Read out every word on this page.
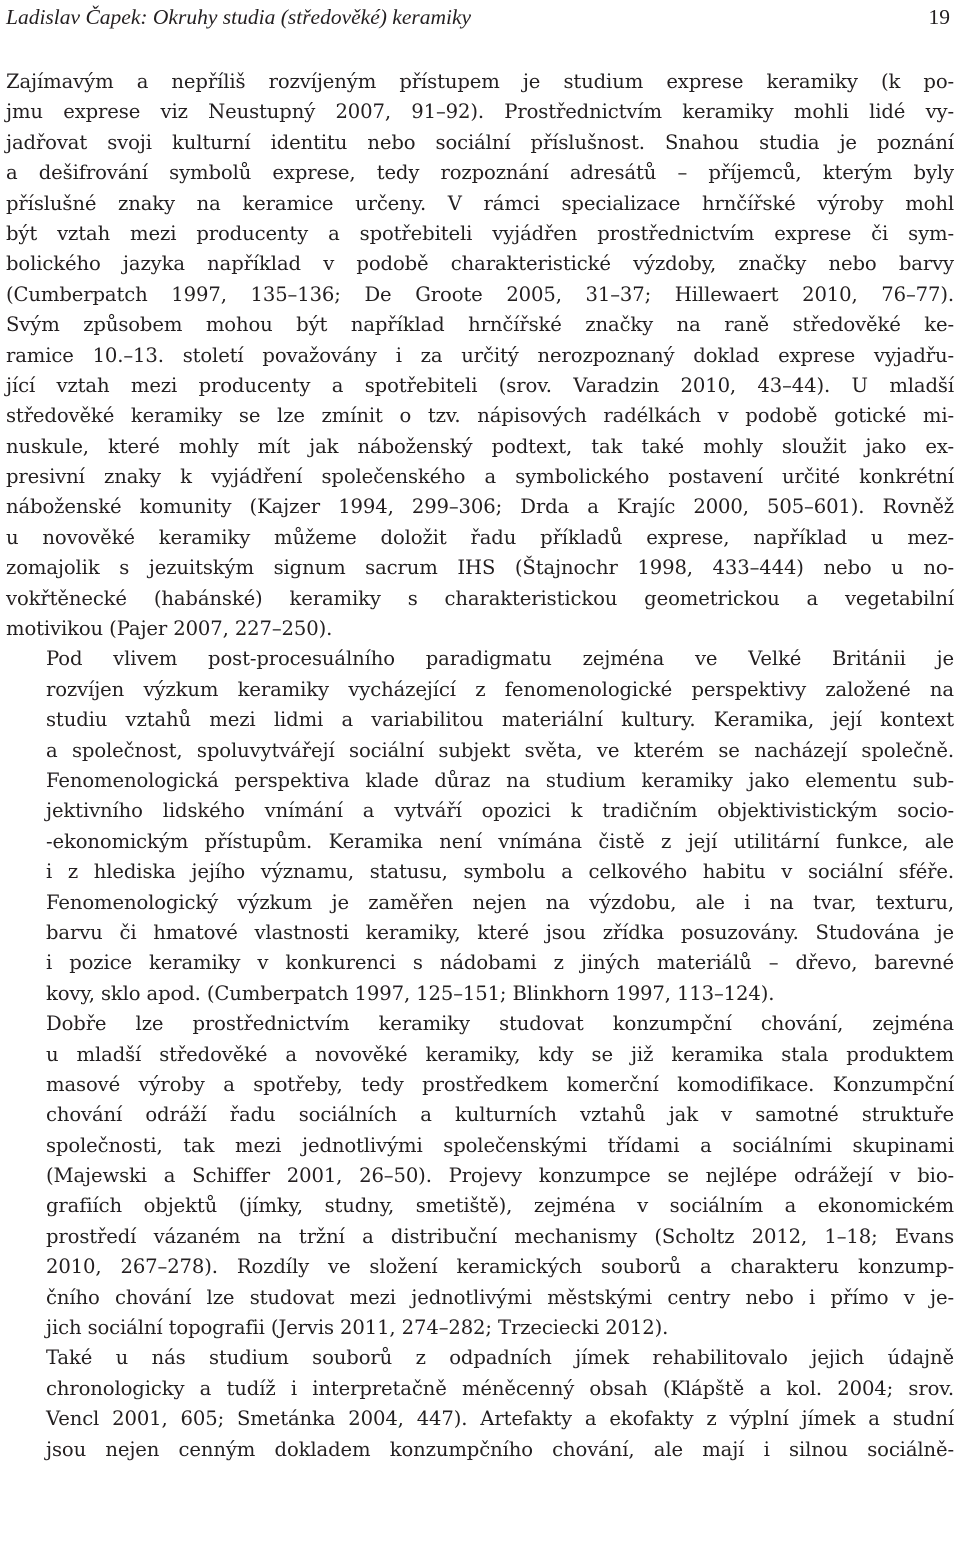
Ladislav Čapek: Okruhy studia (středověké) keramiky	19

Zajímavým a nepříliš rozvíjeným přístupem je studium exprese keramiky (k po-
jmu exprese viz Neustupný 2007, 91–92). Prostřednictvím keramiky mohli lidé vy-
jadřovat svoji kulturní identitu nebo sociální příslušnost. Snahou studia je poznání
a dešifrování symbolů exprese, tedy rozpoznání adresátů – příjemců, kterým byly
příslušné znaky na keramice určeny. V rámci specializace hrnčířské výroby mohl
být vztah mezi producenty a spotřebiteli vyjádřen prostřednictvím exprese či sym-
bolického jazyka například v podobě charakteristické výzdoby, značky nebo barvy
(Cumberpatch 1997, 135–136; De Groote 2005, 31–37; Hillewaert 2010, 76–77).
Svým způsobem mohou být například hrnčířské značky na raně středověké ke-
ramice 10.–13. století považovány i za určitý nerozpoznaný doklad exprese vyjadřu-
jící vztah mezi producenty a spotřebiteli (srov. Varadzin 2010, 43–44). U mladší
středověké keramiky se lze zmínit o tzv. nápisových radélkách v podobě gotické mi-
nuskule, které mohly mít jak náboženský podtext, tak také mohly sloužit jako ex-
presivní znaky k vyjádření společenského a symbolického postavení určité konkrétní
náboženské komunity (Kajzer 1994, 299–306; Drda a Krajíc 2000, 505–601). Rovněž
u novověké keramiky můžeme doložit řadu příkladů exprese, například u mez-
zomajolik s jezuitským signum sacrum IHS (Štajnochr 1998, 433–444) nebo u no-
vokřtěnecké (habánské) keramiky s charakteristickou geometrickou a vegetabilní
motivikou (Pajer 2007, 227–250).

Pod vlivem post-procesuálního paradigmatu zejména ve Velké Británii je
rozvíjen výzkum keramiky vycházející z fenomenologické perspektivy založené na
studiu vztahů mezi lidmi a variabilitou materiální kultury. Keramika, její kontext
a společnost, spoluvytvářejí sociální subjekt světa, ve kterém se nacházejí společně.
Fenomenologická perspektiva klade důraz na studium keramiky jako elementu sub-
jektivního lidského vnímání a vytváří opozici k tradičním objektivistickým socio-
-ekonomickým přístupům. Keramika není vnímána čistě z její utilitární funkce, ale
i z hlediska jejího významu, statusu, symbolu a celkového habitu v sociální sféře.
Fenomenologický výzkum je zaměřen nejen na výzdobu, ale i na tvar, texturu,
barvu či hmatové vlastnosti keramiky, které jsou zřídka posuzovány. Studována je
i pozice keramiky v konkurenci s nádobami z jiných materiálů – dřevo, barevné
kovy, sklo apod. (Cumberpatch 1997, 125–151; Blinkhorn 1997, 113–124).

Dobře lze prostřednictvím keramiky studovat konzumpční chování, zejména
u mladší středověké a novověké keramiky, kdy se již keramika stala produktem
masové výroby a spotřeby, tedy prostředkem komerční komodifikace. Konzumpční
chování odráží řadu sociálních a kulturních vztahů jak v samotné struktuře
společnosti, tak mezi jednotlivými společenskými třídami a sociálními skupinami
(Majewski a Schiffer 2001, 26–50). Projevy konzumpce se nejlépe odrážejí v bio-
grafiích objektů (jímky, studny, smetiště), zejména v sociálním a ekonomickém
prostředí vázaném na tržní a distribuční mechanismy (Scholtz 2012, 1–18; Evans
2010, 267–278). Rozdíly ve složení keramických souborů a charakteru konzump-
čního chování lze studovat mezi jednotlivými městskými centry nebo i přímo v je-
jich sociální topografii (Jervis 2011, 274–282; Trzeciecki 2012).

Také u nás studium souborů z odpadních jímek rehabilitovalo jejich údajně
chronologicky a tudíž i interpretačně méněcenný obsah (Klápště a kol. 2004; srov.
Vencl 2001, 605; Smetánka 2004, 447). Artefakty a ekofakty z výplní jímek a studní
jsou nejen cenným dokladem konzumpčního chování, ale mají i silnou sociálně-
